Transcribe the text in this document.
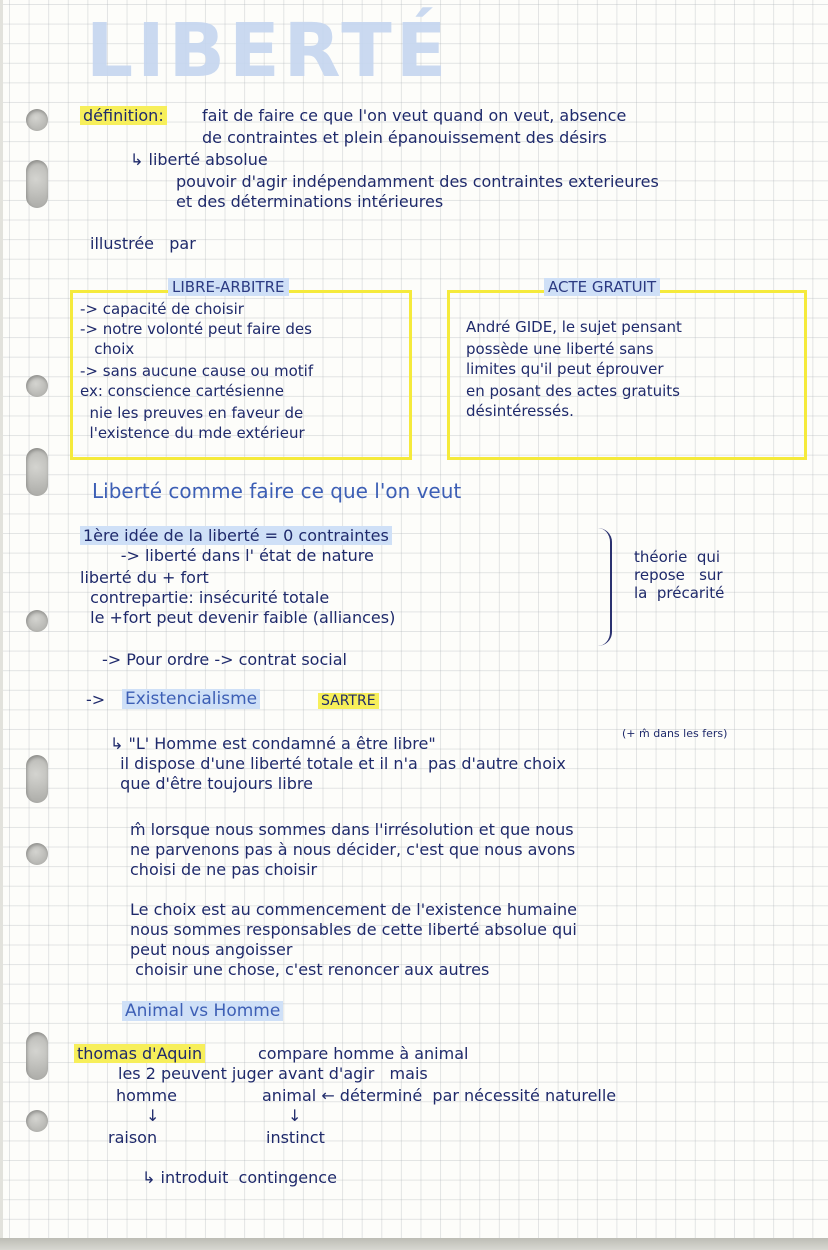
LIBERTÉ
définition: fait de faire ce que l'on veut quand on veut, absence
de contraintes et plein épanouissement des désirs
↳ liberté absolue
pouvoir d'agir indépendamment des contraintes exterieures
et des déterminations intérieures
illustrée   par
LIBRE-ARBITRE
-> capacité de choisir
-> notre volonté peut faire des
choix
-> sans aucune cause ou motif
ex: conscience cartésienne
nie les preuves en faveur de
l'existence du mde extérieur
ACTE GRATUIT
André GIDE, le sujet pensant
possède une liberté sans
limites qu'il peut éprouver
en posant des actes gratuits
désintéressés.
Liberté comme faire ce que l'on veut
1ère idée de la liberté = 0 contraintes
-> liberté dans l' état de nature
liberté du + fort
contrepartie: insécurité totale
le +fort peut devenir faible (alliances)
théorie  qui
repose   sur
la  précarité
-> Pour ordre -> contrat social
-> Existencialisme	SARTRE
↳ "L' Homme est condamné a être libre"
il dispose d'une liberté totale et il n'a  pas d'autre choix
que d'être toujours libre
(+ m̂ dans les fers)
m̂ lorsque nous sommes dans l'irrésolution et que nous
ne parvenons pas à nous décider, c'est que nous avons
choisi de ne pas choisir
Le choix est au commencement de l'existence humaine
nous sommes responsables de cette liberté absolue qui
peut nous angoisser
choisir une chose, c'est renoncer aux autres
Animal vs Homme
thomas d'Aquin	compare homme à animal
les 2 peuvent juger avant d'agir   mais
homme	animal ← déterminé  par nécessité naturelle
↓	↓
raison	instinct
↳ introduit  contingence
